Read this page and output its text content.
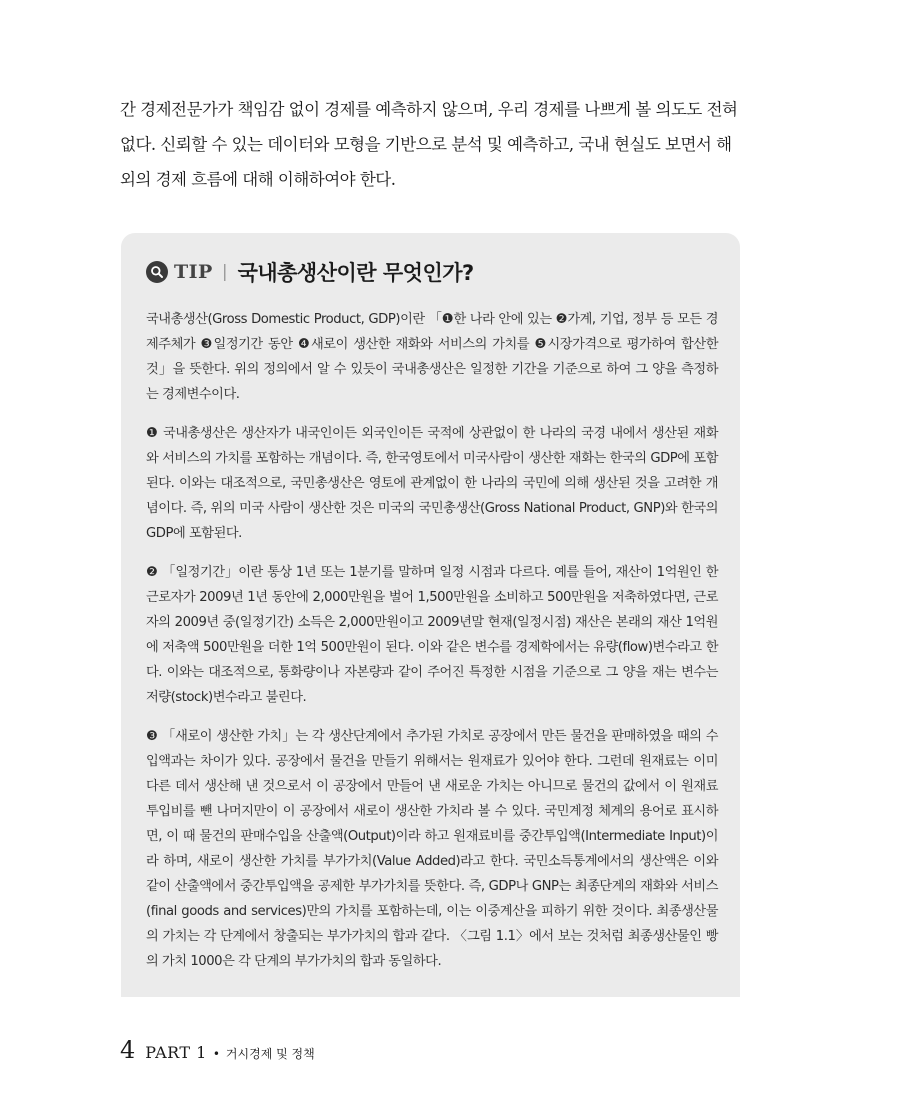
간 경제전문가가 책임감 없이 경제를 예측하지 않으며, 우리 경제를 나쁘게 볼 의도도 전혀 없다. 신뢰할 수 있는 데이터와 모형을 기반으로 분석 및 예측하고, 국내 현실도 보면서 해외의 경제 흐름에 대해 이해하여야 한다.

TIP | 국내총생산이란 무엇인가?

국내총생산(Gross Domestic Product, GDP)이란 「❶한 나라 안에 있는 ❷가계, 기업, 정부 등 모든 경제주체가 ❸일정기간 동안 ❹새로이 생산한 재화와 서비스의 가치를 ❺시장가격으로 평가하여 합산한 것」을 뜻한다. 위의 정의에서 알 수 있듯이 국내총생산은 일정한 기간을 기준으로 하여 그 양을 측정하는 경제변수이다.

❶ 국내총생산은 생산자가 내국인이든 외국인이든 국적에 상관없이 한 나라의 국경 내에서 생산된 재화와 서비스의 가치를 포함하는 개념이다. 즉, 한국영토에서 미국사람이 생산한 재화는 한국의 GDP에 포함된다. 이와는 대조적으로, 국민총생산은 영토에 관계없이 한 나라의 국민에 의해 생산된 것을 고려한 개념이다. 즉, 위의 미국 사람이 생산한 것은 미국의 국민총생산(Gross National Product, GNP)와 한국의 GDP에 포함된다.

❷ 「일정기간」이란 통상 1년 또는 1분기를 말하며 일정 시점과 다르다. 예를 들어, 재산이 1억원인 한 근로자가 2009년 1년 동안에 2,000만원을 벌어 1,500만원을 소비하고 500만원을 저축하였다면, 근로자의 2009년 중(일정기간) 소득은 2,000만원이고 2009년말 현재(일정시점) 재산은 본래의 재산 1억원에 저축액 500만원을 더한 1억 500만원이 된다. 이와 같은 변수를 경제학에서는 유량(flow)변수라고 한다. 이와는 대조적으로, 통화량이나 자본량과 같이 주어진 특정한 시점을 기준으로 그 양을 재는 변수는 저량(stock)변수라고 불린다.

❸ 「새로이 생산한 가치」는 각 생산단계에서 추가된 가치로 공장에서 만든 물건을 판매하였을 때의 수입액과는 차이가 있다. 공장에서 물건을 만들기 위해서는 원재료가 있어야 한다. 그런데 원재료는 이미 다른 데서 생산해 낸 것으로서 이 공장에서 만들어 낸 새로운 가치는 아니므로 물건의 값에서 이 원재료 투입비를 뺀 나머지만이 이 공장에서 새로이 생산한 가치라 볼 수 있다. 국민계정 체계의 용어로 표시하면, 이 때 물건의 판매수입을 산출액(Output)이라 하고 원재료비를 중간투입액(Intermediate Input)이라 하며, 새로이 생산한 가치를 부가가치(Value Added)라고 한다. 국민소득통계에서의 생산액은 이와 같이 산출액에서 중간투입액을 공제한 부가가치를 뜻한다. 즉, GDP나 GNP는 최종단계의 재화와 서비스(final goods and services)만의 가치를 포함하는데, 이는 이중계산을 피하기 위한 것이다. 최종생산물의 가치는 각 단계에서 창출되는 부가가치의 합과 같다. 〈그림 1.1〉에서 보는 것처럼 최종생산물인 빵의 가치 1000은 각 단계의 부가가치의 합과 동일하다.

4 PART 1 • 거시경제 및 정책
